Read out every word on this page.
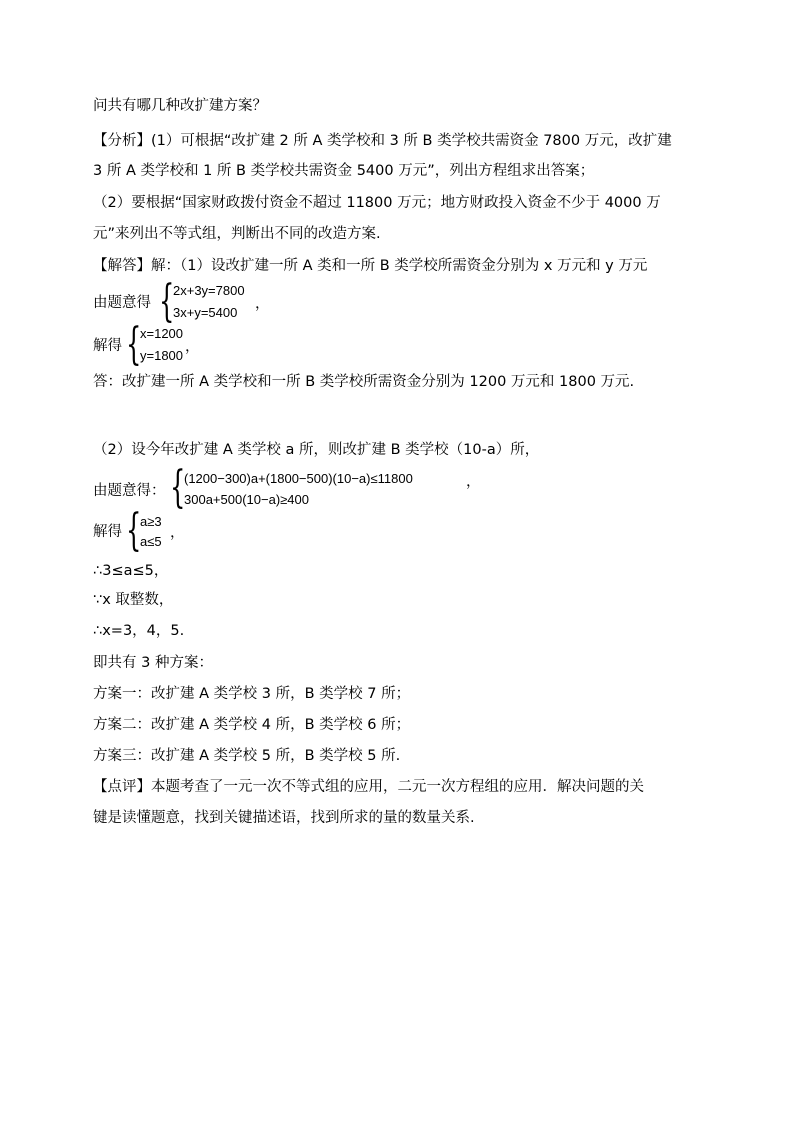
问共有哪几种改扩建方案？
【分析】(1）可根据“改扩建 2 所 A 类学校和 3 所 B 类学校共需资金 7800 万元，改扩建
3 所 A 类学校和 1 所 B 类学校共需资金 5400 万元”，列出方程组求出答案；
（2）要根据“国家财政拨付资金不超过 11800 万元；地方财政投入资金不少于 4000 万
元”来列出不等式组，判断出不同的改造方案.
【解答】解：（1）设改扩建一所 A 类和一所 B 类学校所需资金分别为 x 万元和 y 万元
由题意得 {
2x+3y=7800
3x+y=5400
，
解得 {
x=1200
y=1800
，
答：改扩建一所 A 类学校和一所 B 类学校所需资金分别为 1200 万元和 1800 万元.
（2）设今年改扩建 A 类学校 a 所，则改扩建 B 类学校（10-a）所，
由题意得： {
(1200−300)a+(1800−500)(10−a)≤11800
300a+500(10−a)≥400
，
解得 {
a≥3
a≤5
，
∴3≤a≤5，
∵x 取整数，
∴x=3，4，5.
即共有 3 种方案：
方案一：改扩建 A 类学校 3 所，B 类学校 7 所；
方案二：改扩建 A 类学校 4 所，B 类学校 6 所；
方案三：改扩建 A 类学校 5 所，B 类学校 5 所.
【点评】本题考查了一元一次不等式组的应用，二元一次方程组的应用．解决问题的关
键是读懂题意，找到关键描述语，找到所求的量的数量关系.
